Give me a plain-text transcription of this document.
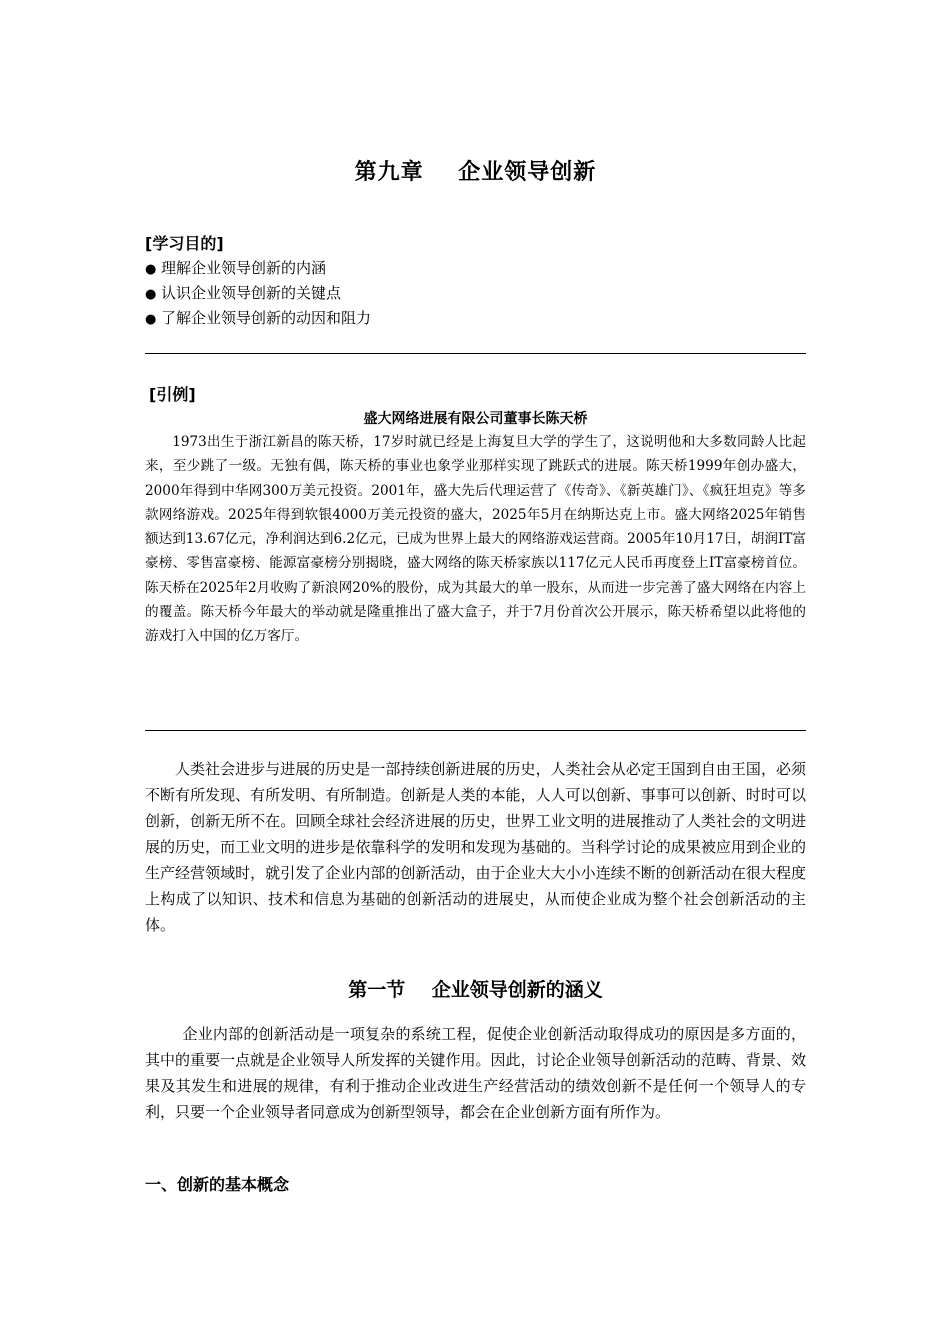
第九章    企业领导创新
[学习目的]
● 理解企业领导创新的内涵
● 认识企业领导创新的关键点
● 了解企业领导创新的动因和阻力
[引例]
盛大网络进展有限公司董事长陈天桥

1973出生于浙江新昌的陈天桥，17岁时就已经是上海复旦大学的学生了，这说明他和大多数同龄人比起来，至少跳了一级。无独有偶，陈天桥的事业也象学业那样实现了跳跃式的进展。陈天桥1999年创办盛大，2000年得到中华网300万美元投资。2001年，盛大先后代理运营了《传奇》、《新英雄门》、《疯狂坦克》等多款网络游戏。2025年得到软银4000万美元投资的盛大，2025年5月在纳斯达克上市。盛大网络2025年销售额达到13.67亿元，净利润达到6.2亿元，已成为世界上最大的网络游戏运营商。2005年10月17日，胡润IT富豪榜、零售富豪榜、能源富豪榜分别揭晓，盛大网络的陈天桥家族以117亿元人民币再度登上IT富豪榜首位。陈天桥在2025年2月收购了新浪网20%的股份，成为其最大的单一股东，从而进一步完善了盛大网络在内容上的覆盖。陈天桥今年最大的举动就是隆重推出了盛大盒子，并于7月份首次公开展示，陈天桥希望以此将他的游戏打入中国的亿万客厅。

人类社会进步与进展的历史是一部持续创新进展的历史，人类社会从必定王国到自由王国，必须不断有所发现、有所发明、有所制造。创新是人类的本能，人人可以创新、事事可以创新、时时可以创新，创新无所不在。回顾全球社会经济进展的历史，世界工业文明的进展推动了人类社会的文明进展的历史，而工业文明的进步是依靠科学的发明和发现为基础的。当科学讨论的成果被应用到企业的生产经营领域时，就引发了企业内部的创新活动，由于企业大大小小连续不断的创新活动在很大程度上构成了以知识、技术和信息为基础的创新活动的进展史，从而使企业成为整个社会创新活动的主体。

第一节    企业领导创新的涵义

企业内部的创新活动是一项复杂的系统工程，促使企业创新活动取得成功的原因是多方面的，其中的重要一点就是企业领导人所发挥的关键作用。因此，讨论企业领导创新活动的范畴、背景、效果及其发生和进展的规律，有利于推动企业改进生产经营活动的绩效创新不是任何一个领导人的专利，只要一个企业领导者同意成为创新型领导，都会在企业创新方面有所作为。

一、创新的基本概念
